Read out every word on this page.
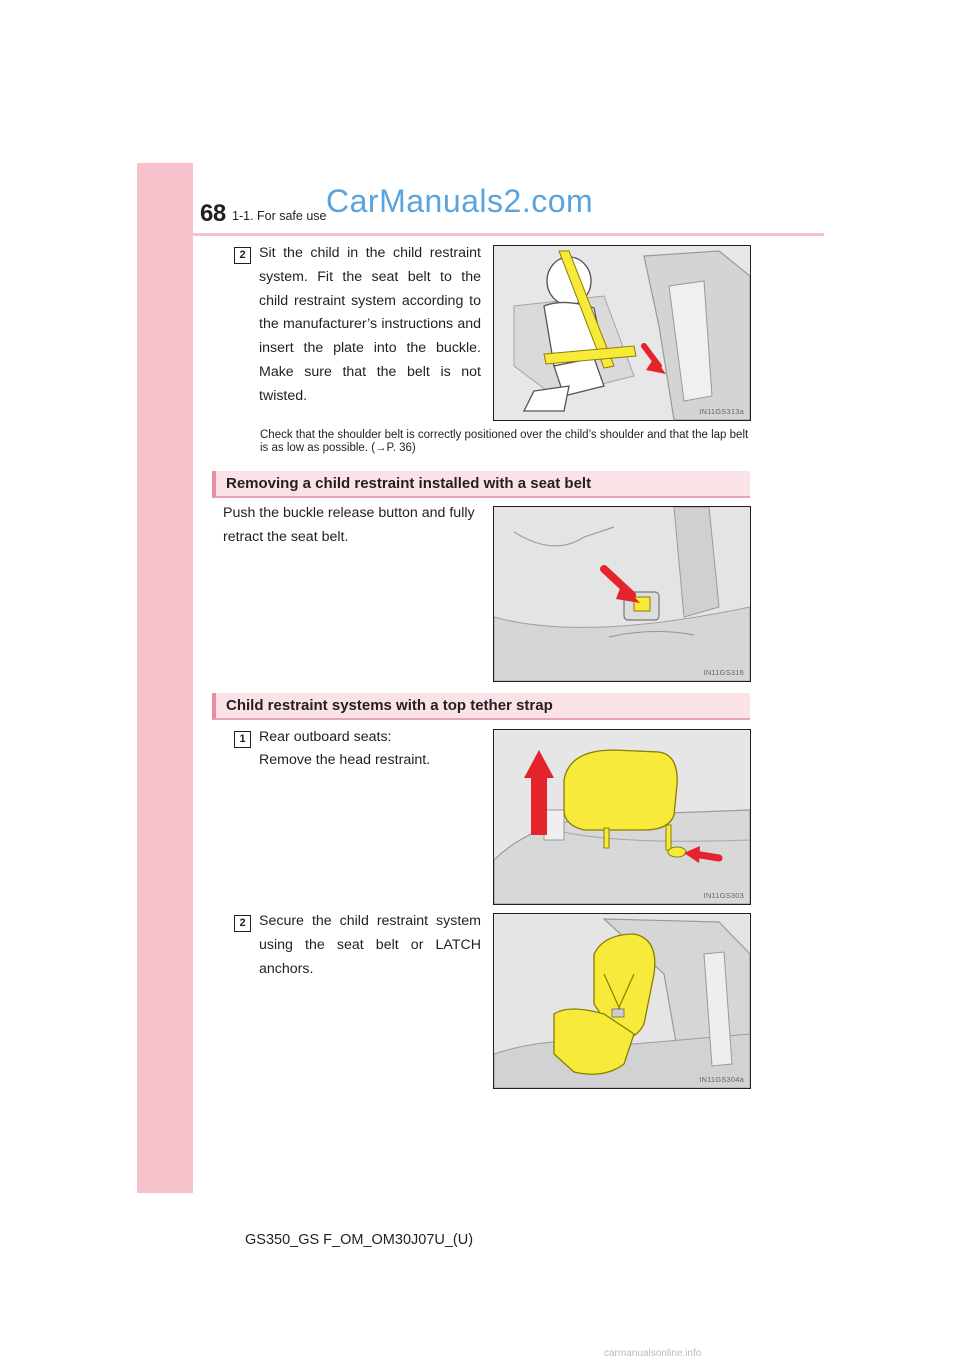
68 1-1. For safe use CarManuals2.com
2 Sit the child in the child restraint system. Fit the seat belt to the child restraint system according to the manufacturer’s instructions and insert the plate into the buckle. Make sure that the belt is not twisted.
IN11GS313a
Check that the shoulder belt is correctly positioned over the child’s shoulder and that the lap belt is as low as possible. (→P. 36)
Removing a child restraint installed with a seat belt
Push the buckle release button and fully retract the seat belt.
IN11GS316
Child restraint systems with a top tether strap
1 Rear outboard seats:
Remove the head restraint.
IN11GS303
2 Secure the child restraint system using the seat belt or LATCH anchors.
IN11GS304a
GS350_GS F_OM_OM30J07U_(U)
carmanualsonline.info
